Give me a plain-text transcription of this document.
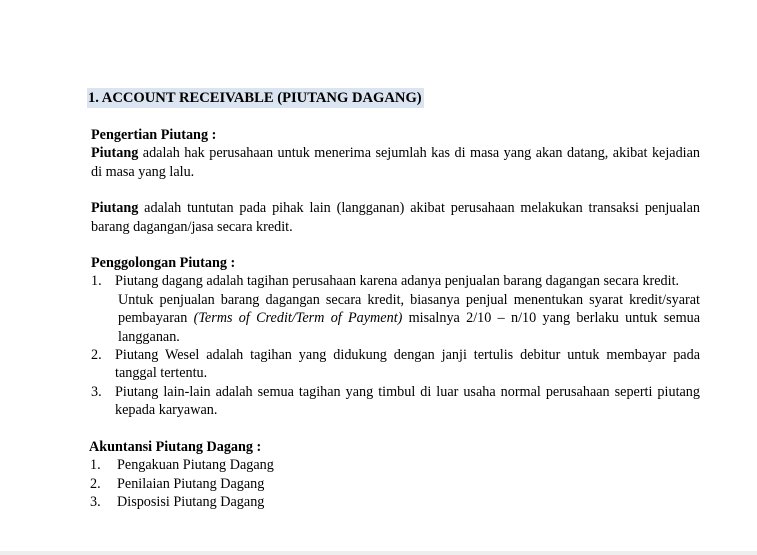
1. ACCOUNT RECEIVABLE (PIUTANG DAGANG)
Pengertian Piutang :

Piutang adalah hak perusahaan untuk menerima sejumlah kas di masa yang akan datang, akibat kejadian di masa yang lalu.

Piutang adalah tuntutan pada pihak lain (langganan) akibat perusahaan melakukan transaksi penjualan barang dagangan/jasa secara kredit.

Penggolongan Piutang :
1. Piutang dagang adalah tagihan perusahaan karena adanya penjualan barang dagangan secara kredit.
Untuk penjualan barang dagangan secara kredit, biasanya penjual menentukan syarat kredit/syarat pembayaran (Terms of Credit/Term of Payment) misalnya 2/10 – n/10 yang berlaku untuk semua langganan.
2. Piutang Wesel adalah tagihan yang didukung dengan janji tertulis debitur untuk membayar pada tanggal tertentu.
3. Piutang lain-lain adalah semua tagihan yang timbul di luar usaha normal perusahaan seperti piutang kepada karyawan.
Akuntansi Piutang Dagang :
1. Pengakuan Piutang Dagang
2. Penilaian Piutang Dagang
3. Disposisi Piutang Dagang
